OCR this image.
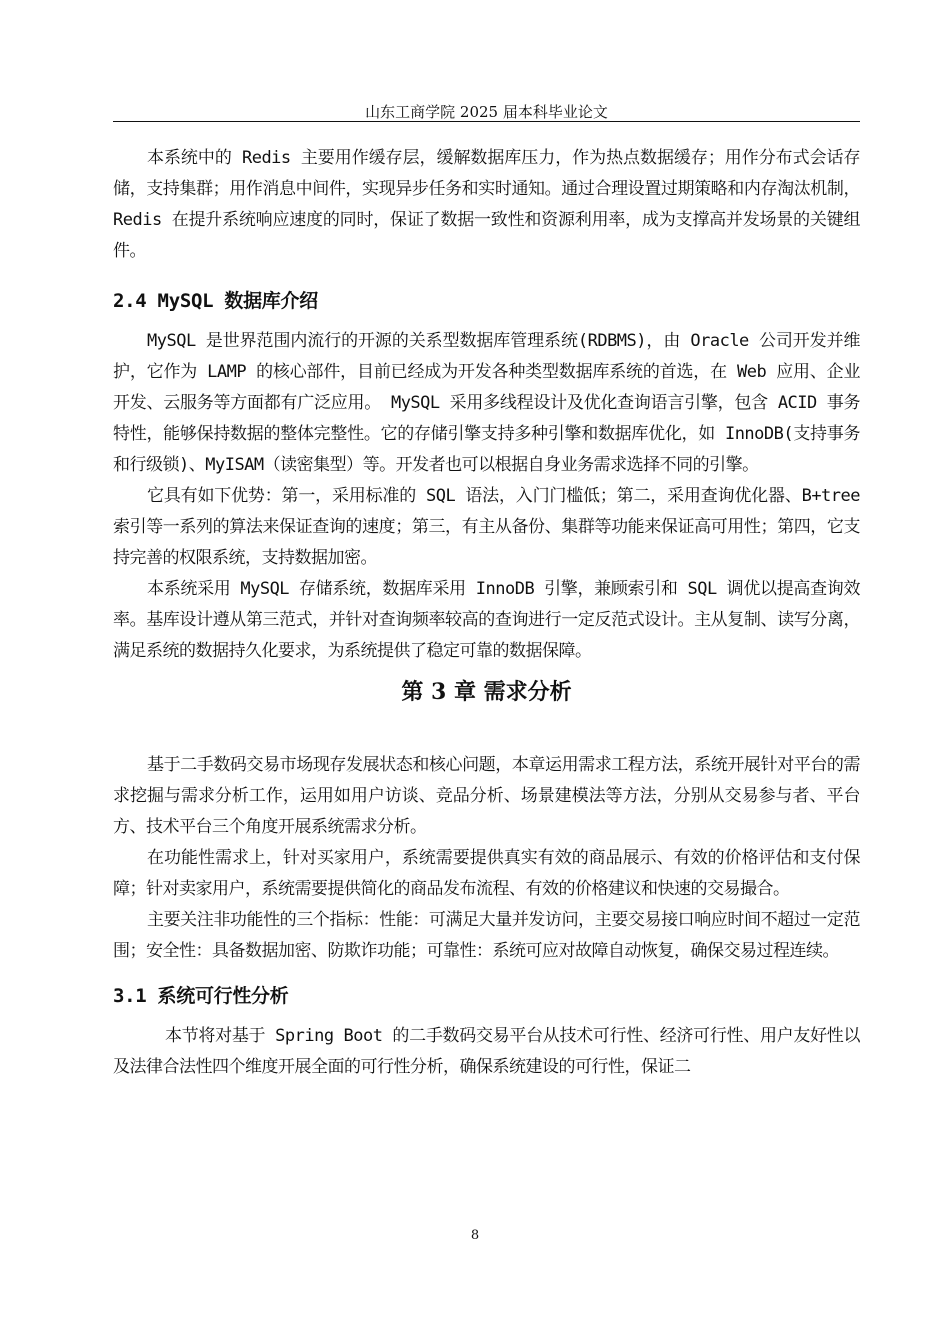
山东工商学院 2025 届本科毕业论文

本系统中的 Redis 主要用作缓存层，缓解数据库压力，作为热点数据缓存；用作分布式会话存储，支持集群；用作消息中间件，实现异步任务和实时通知。通过合理设置过期策略和内存淘汰机制，Redis 在提升系统响应速度的同时，保证了数据一致性和资源利用率，成为支撑高并发场景的关键组件。

2.4 MySQL 数据库介绍

MySQL 是世界范围内流行的开源的关系型数据库管理系统(RDBMS)，由 Oracle 公司开发并维护，它作为 LAMP 的核心部件，目前已经成为开发各种类型数据库系统的首选，在 Web 应用、企业开发、云服务等方面都有广泛应用。 MySQL 采用多线程设计及优化查询语言引擎，包含 ACID 事务特性，能够保持数据的整体完整性。它的存储引擎支持多种引擎和数据库优化，如 InnoDB(支持事务和行级锁)、MyISAM（读密集型）等。开发者也可以根据自身业务需求选择不同的引擎。

它具有如下优势：第一，采用标准的 SQL 语法，入门门槛低；第二，采用查询优化器、B+tree 索引等一系列的算法来保证查询的速度；第三，有主从备份、集群等功能来保证高可用性；第四，它支持完善的权限系统，支持数据加密。

本系统采用 MySQL 存储系统，数据库采用 InnoDB 引擎，兼顾索引和 SQL 调优以提高查询效率。基库设计遵从第三范式，并针对查询频率较高的查询进行一定反范式设计。主从复制、读写分离，满足系统的数据持久化要求，为系统提供了稳定可靠的数据保障。

第 3 章 需求分析

基于二手数码交易市场现存发展状态和核心问题，本章运用需求工程方法，系统开展针对平台的需求挖掘与需求分析工作，运用如用户访谈、竞品分析、场景建模法等方法，分别从交易参与者、平台方、技术平台三个角度开展系统需求分析。

在功能性需求上，针对买家用户，系统需要提供真实有效的商品展示、有效的价格评估和支付保障；针对卖家用户，系统需要提供简化的商品发布流程、有效的价格建议和快速的交易撮合。

主要关注非功能性的三个指标：性能：可满足大量并发访问，主要交易接口响应时间不超过一定范围；安全性：具备数据加密、防欺诈功能；可靠性：系统可应对故障自动恢复，确保交易过程连续。

3.1 系统可行性分析

本节将对基于 Spring Boot 的二手数码交易平台从技术可行性、经济可行性、用户友好性以及法律合法性四个维度开展全面的可行性分析，确保系统建设的可行性，保证二

8
